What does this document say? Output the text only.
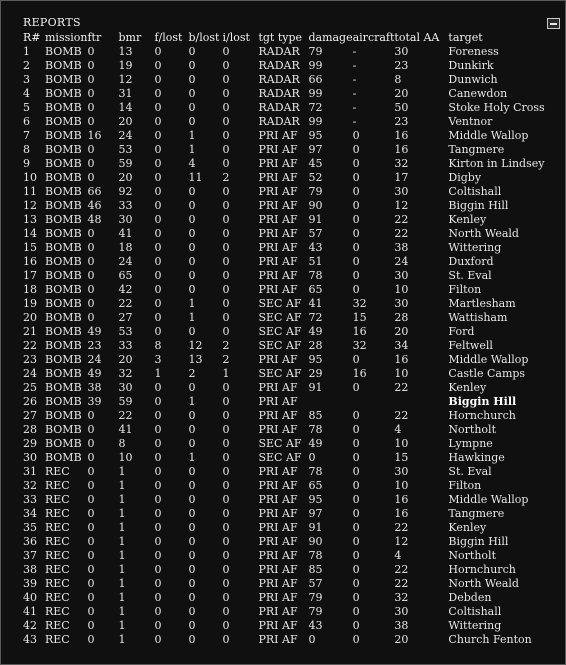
REPORTS
R#	mission	ftr	bmr	f/lost	b/lost	i/lost	tgt type	damage	aircraft	total AA	target
1	BOMB	0	13	0	0	0	RADAR	79	-	30	Foreness
2	BOMB	0	19	0	0	0	RADAR	99	-	23	Dunkirk
3	BOMB	0	12	0	0	0	RADAR	66	-	8	Dunwich
4	BOMB	0	31	0	0	0	RADAR	99	-	20	Canewdon
5	BOMB	0	14	0	0	0	RADAR	72	-	50	Stoke Holy Cross
6	BOMB	0	20	0	0	0	RADAR	99	-	23	Ventnor
7	BOMB	16	24	0	1	0	PRI AF	95	0	16	Middle Wallop
8	BOMB	0	53	0	1	0	PRI AF	97	0	16	Tangmere
9	BOMB	0	59	0	4	0	PRI AF	45	0	32	Kirton in Lindsey
10	BOMB	0	20	0	11	2	PRI AF	52	0	17	Digby
11	BOMB	66	92	0	0	0	PRI AF	79	0	30	Coltishall
12	BOMB	46	33	0	0	0	PRI AF	90	0	12	Biggin Hill
13	BOMB	48	30	0	0	0	PRI AF	91	0	22	Kenley
14	BOMB	0	41	0	0	0	PRI AF	57	0	22	North Weald
15	BOMB	0	18	0	0	0	PRI AF	43	0	38	Wittering
16	BOMB	0	24	0	0	0	PRI AF	51	0	24	Duxford
17	BOMB	0	65	0	0	0	PRI AF	78	0	30	St. Eval
18	BOMB	0	42	0	0	0	PRI AF	65	0	10	Filton
19	BOMB	0	22	0	1	0	SEC AF	41	32	30	Martlesham
20	BOMB	0	27	0	1	0	SEC AF	72	15	28	Wattisham
21	BOMB	49	53	0	0	0	SEC AF	49	16	20	Ford
22	BOMB	23	33	8	12	2	SEC AF	28	32	34	Feltwell
23	BOMB	24	20	3	13	2	PRI AF	95	0	16	Middle Wallop
24	BOMB	49	32	1	2	1	SEC AF	29	16	10	Castle Camps
25	BOMB	38	30	0	0	0	PRI AF	91	0	22	Kenley
26	BOMB	39	59	0	1	0	PRI AF				Biggin Hill
27	BOMB	0	22	0	0	0	PRI AF	85	0	22	Hornchurch
28	BOMB	0	41	0	0	0	PRI AF	78	0	4	Northolt
29	BOMB	0	8	0	0	0	SEC AF	49	0	10	Lympne
30	BOMB	0	10	0	1	0	SEC AF	0	0	15	Hawkinge
31	REC	0	1	0	0	0	PRI AF	78	0	30	St. Eval
32	REC	0	1	0	0	0	PRI AF	65	0	10	Filton
33	REC	0	1	0	0	0	PRI AF	95	0	16	Middle Wallop
34	REC	0	1	0	0	0	PRI AF	97	0	16	Tangmere
35	REC	0	1	0	0	0	PRI AF	91	0	22	Kenley
36	REC	0	1	0	0	0	PRI AF	90	0	12	Biggin Hill
37	REC	0	1	0	0	0	PRI AF	78	0	4	Northolt
38	REC	0	1	0	0	0	PRI AF	85	0	22	Hornchurch
39	REC	0	1	0	0	0	PRI AF	57	0	22	North Weald
40	REC	0	1	0	0	0	PRI AF	79	0	32	Debden
41	REC	0	1	0	0	0	PRI AF	79	0	30	Coltishall
42	REC	0	1	0	0	0	PRI AF	43	0	38	Wittering
43	REC	0	1	0	0	0	PRI AF	0	0	20	Church Fenton
